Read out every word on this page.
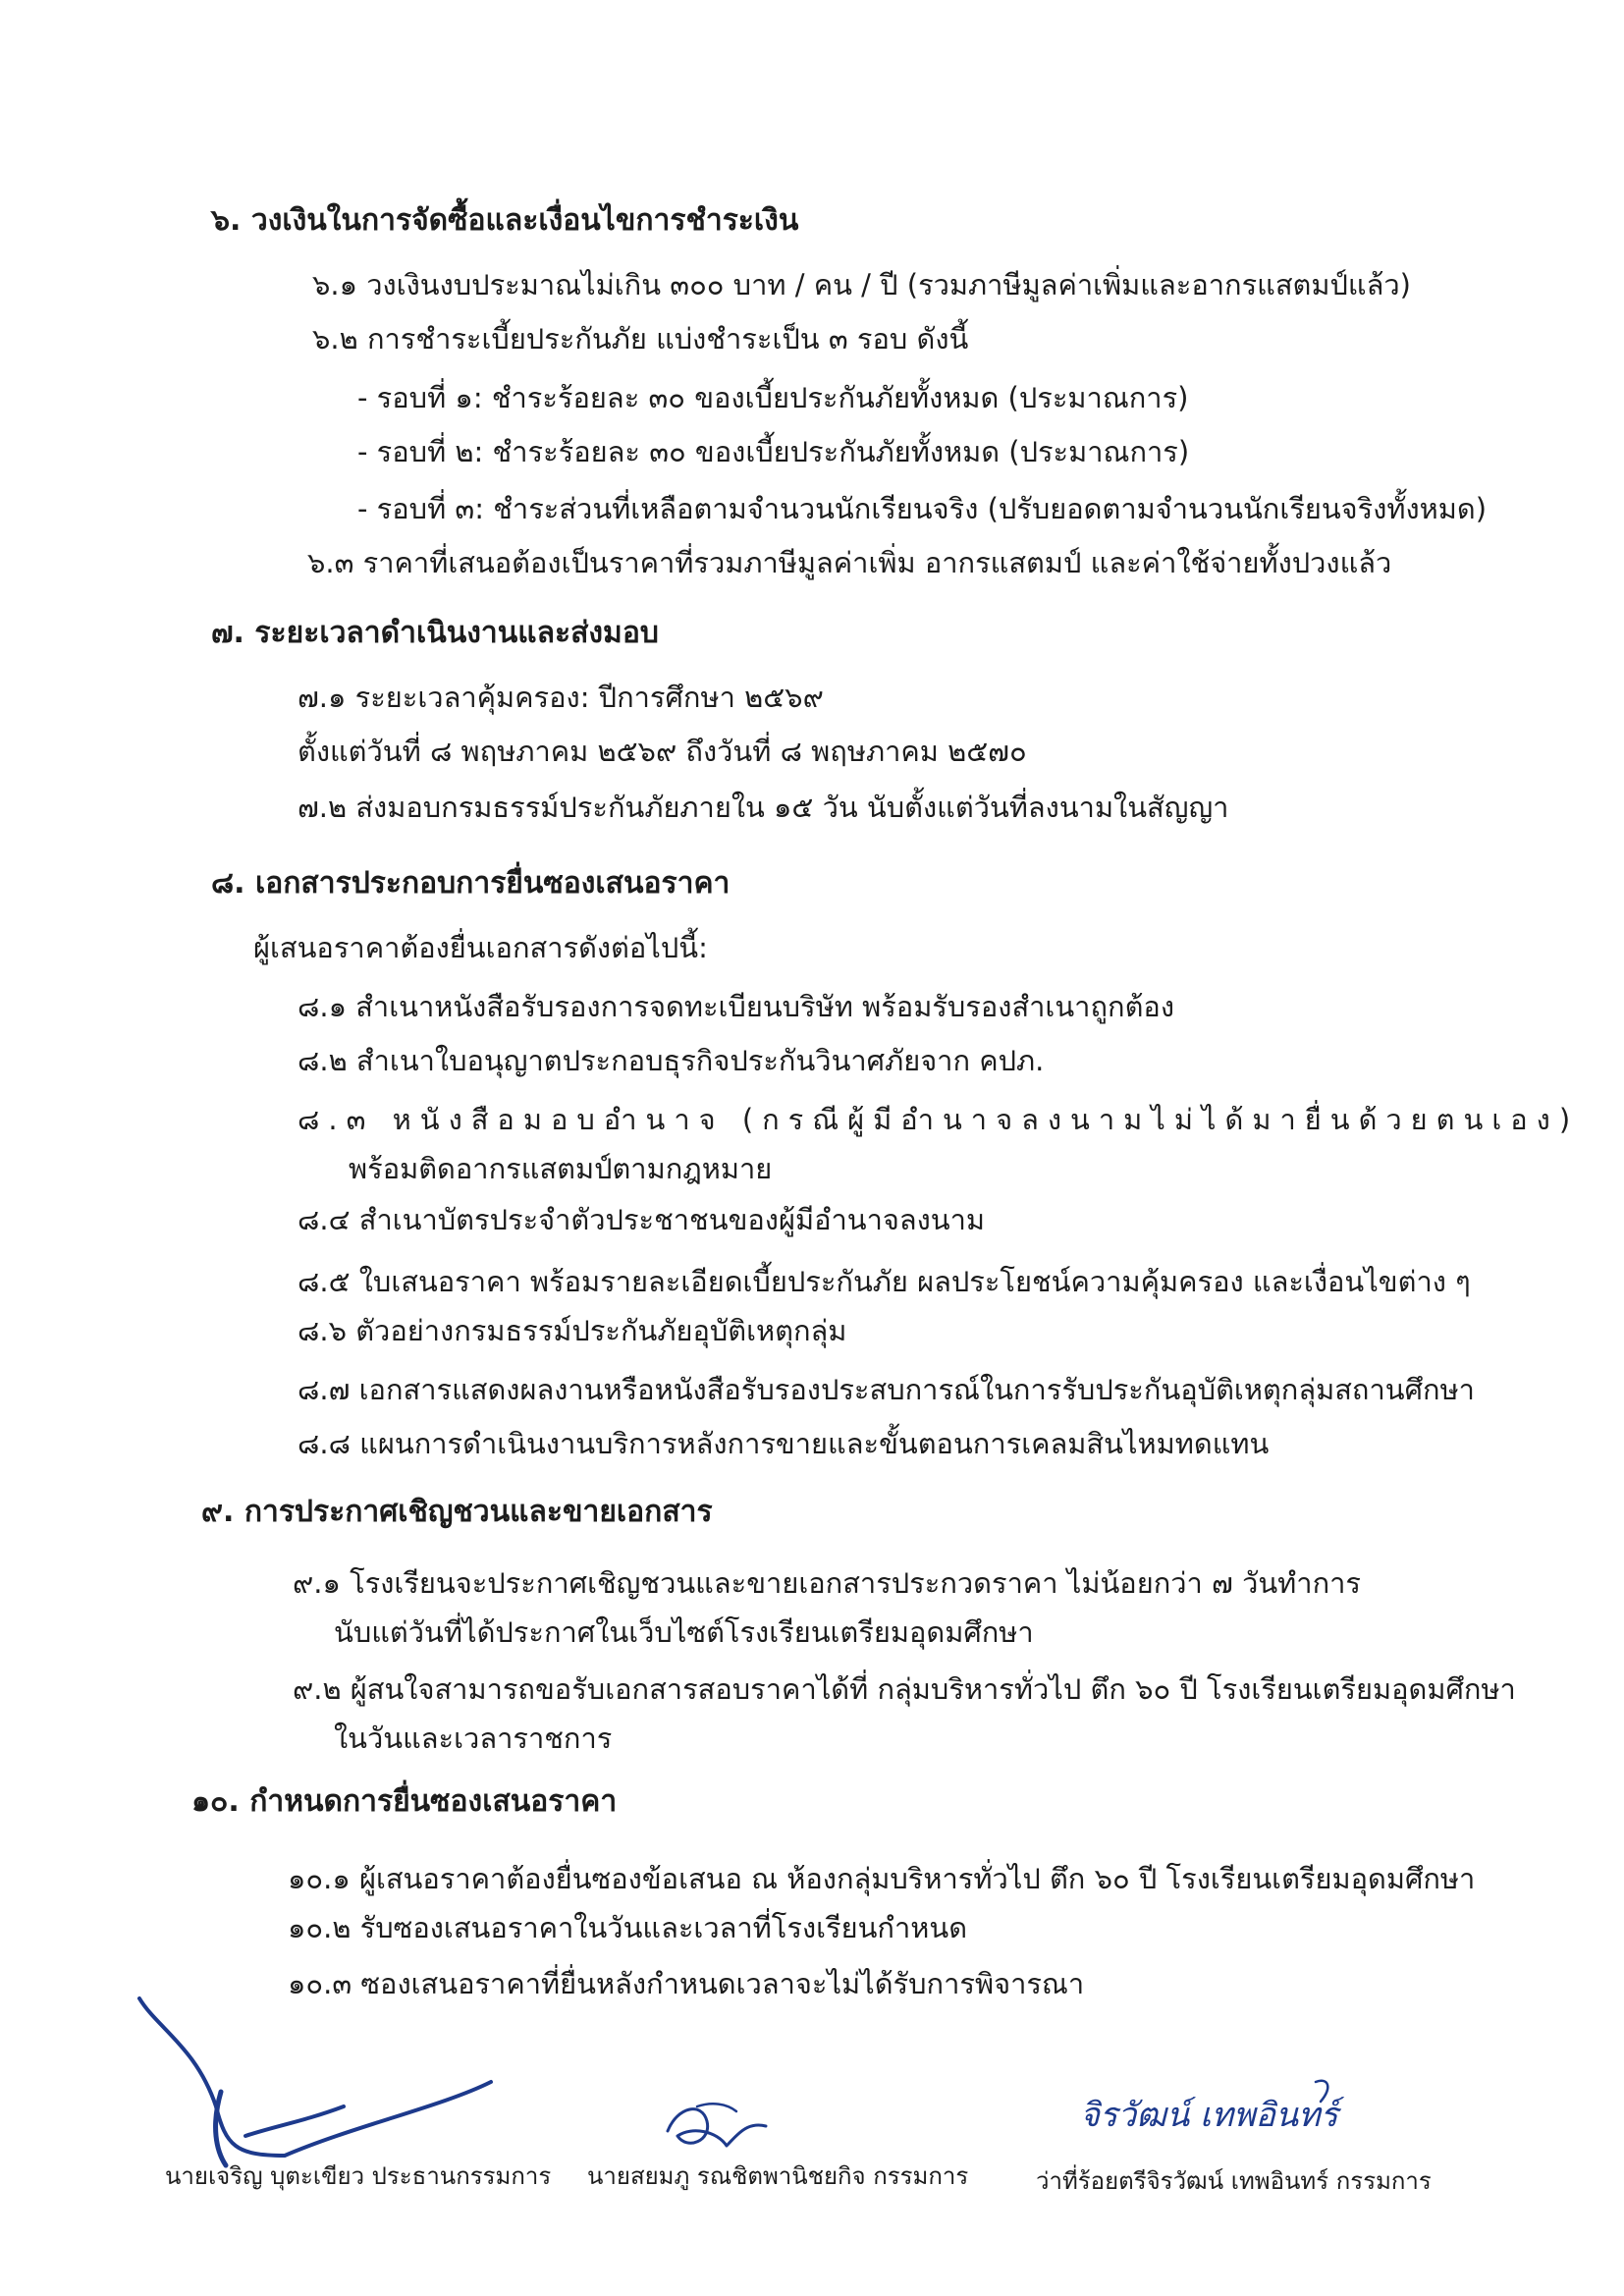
๖. วงเงินในการจัดซื้อและเงื่อนไขการชำระเงิน
๖.๑ วงเงินงบประมาณไม่เกิน ๓๐๐ บาท / คน / ปี (รวมภาษีมูลค่าเพิ่มและอากรแสตมป์แล้ว)
๖.๒ การชำระเบี้ยประกันภัย แบ่งชำระเป็น ๓ รอบ ดังนี้
- รอบที่ ๑: ชำระร้อยละ ๓๐ ของเบี้ยประกันภัยทั้งหมด (ประมาณการ)
- รอบที่ ๒: ชำระร้อยละ ๓๐ ของเบี้ยประกันภัยทั้งหมด (ประมาณการ)
- รอบที่ ๓: ชำระส่วนที่เหลือตามจำนวนนักเรียนจริง (ปรับยอดตามจำนวนนักเรียนจริงทั้งหมด)
๖.๓ ราคาที่เสนอต้องเป็นราคาที่รวมภาษีมูลค่าเพิ่ม อากรแสตมป์ และค่าใช้จ่ายทั้งปวงแล้ว
๗. ระยะเวลาดำเนินงานและส่งมอบ
๗.๑ ระยะเวลาคุ้มครอง: ปีการศึกษา ๒๕๖๙
ตั้งแต่วันที่ ๘ พฤษภาคม ๒๕๖๙ ถึงวันที่ ๘ พฤษภาคม ๒๕๗๐
๗.๒ ส่งมอบกรมธรรม์ประกันภัยภายใน ๑๕ วัน นับตั้งแต่วันที่ลงนามในสัญญา
๘. เอกสารประกอบการยื่นซองเสนอราคา
ผู้เสนอราคาต้องยื่นเอกสารดังต่อไปนี้:
๘.๑ สำเนาหนังสือรับรองการจดทะเบียนบริษัท พร้อมรับรองสำเนาถูกต้อง
๘.๒ สำเนาใบอนุญาตประกอบธุรกิจประกันวินาศภัยจาก คปภ.
๘.๓ หนังสือมอบอำนาจ (กรณีผู้มีอำนาจลงนามไม่ได้มายื่นด้วยตนเอง)
พร้อมติดอากรแสตมป์ตามกฎหมาย
๘.๔ สำเนาบัตรประจำตัวประชาชนของผู้มีอำนาจลงนาม
๘.๕ ใบเสนอราคา พร้อมรายละเอียดเบี้ยประกันภัย ผลประโยชน์ความคุ้มครอง และเงื่อนไขต่าง ๆ
๘.๖ ตัวอย่างกรมธรรม์ประกันภัยอุบัติเหตุกลุ่ม
๘.๗ เอกสารแสดงผลงานหรือหนังสือรับรองประสบการณ์ในการรับประกันอุบัติเหตุกลุ่มสถานศึกษา
๘.๘ แผนการดำเนินงานบริการหลังการขายและขั้นตอนการเคลมสินไหมทดแทน
๙. การประกาศเชิญชวนและขายเอกสาร
๙.๑ โรงเรียนจะประกาศเชิญชวนและขายเอกสารประกวดราคา ไม่น้อยกว่า ๗ วันทำการ
นับแต่วันที่ได้ประกาศในเว็บไซต์โรงเรียนเตรียมอุดมศึกษา
๙.๒ ผู้สนใจสามารถขอรับเอกสารสอบราคาได้ที่ กลุ่มบริหารทั่วไป ตึก ๖๐ ปี โรงเรียนเตรียมอุดมศึกษา
ในวันและเวลาราชการ
๑๐. กำหนดการยื่นซองเสนอราคา
๑๐.๑ ผู้เสนอราคาต้องยื่นซองข้อเสนอ ณ ห้องกลุ่มบริหารทั่วไป ตึก ๖๐ ปี โรงเรียนเตรียมอุดมศึกษา
๑๐.๒ รับซองเสนอราคาในวันและเวลาที่โรงเรียนกำหนด
๑๐.๓ ซองเสนอราคาที่ยื่นหลังกำหนดเวลาจะไม่ได้รับการพิจารณา
นายเจริญ บุตะเขียว ประธานกรรมการ นายสยมภู รณชิตพานิชยกิจ กรรมการ
จิรวัฒน์ เทพอินทร์
ว่าที่ร้อยตรีจิรวัฒน์ เทพอินทร์ กรรมการ
